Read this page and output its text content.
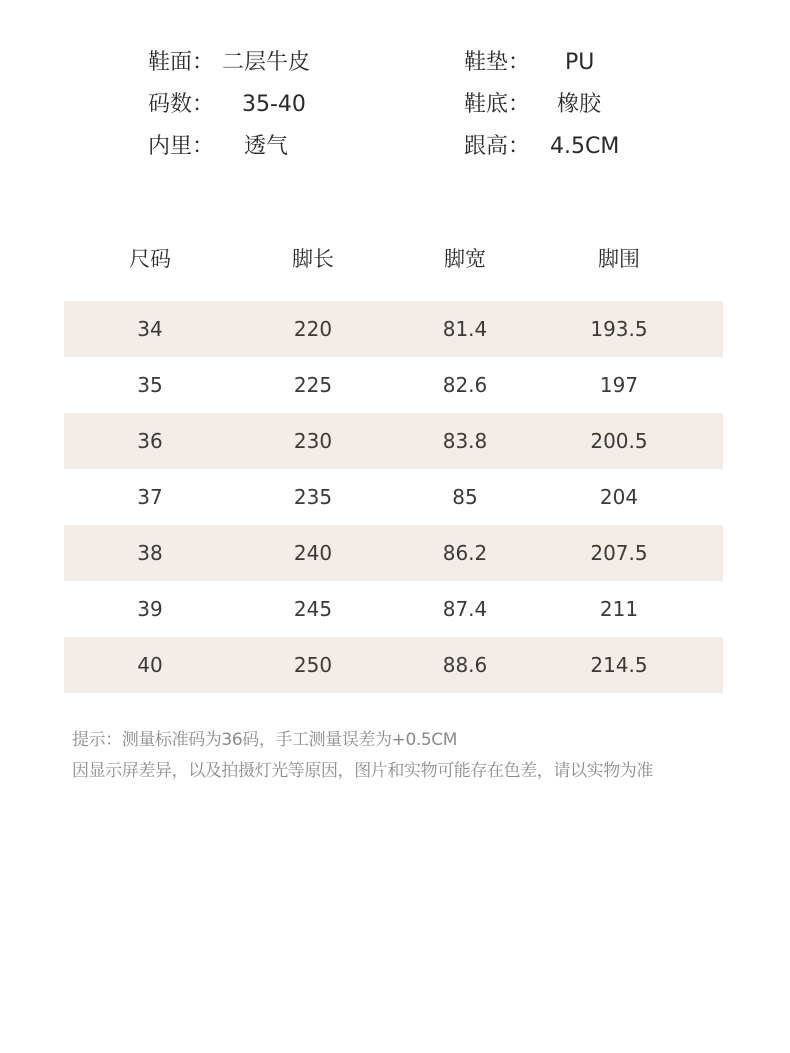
鞋面： 二层牛皮	鞋垫： PU
码数： 35-40	鞋底： 橡胶
内里： 透气	跟高： 4.5CM
尺码	脚长	脚宽	脚围
34	220	81.4	193.5
35	225	82.6	197
36	230	83.8	200.5
37	235	85	204
38	240	86.2	207.5
39	245	87.4	211
40	250	88.6	214.5
提示：测量标准码为36码，手工测量误差为+0.5CM
因显示屏差异，以及拍摄灯光等原因，图片和实物可能存在色差，请以实物为准
